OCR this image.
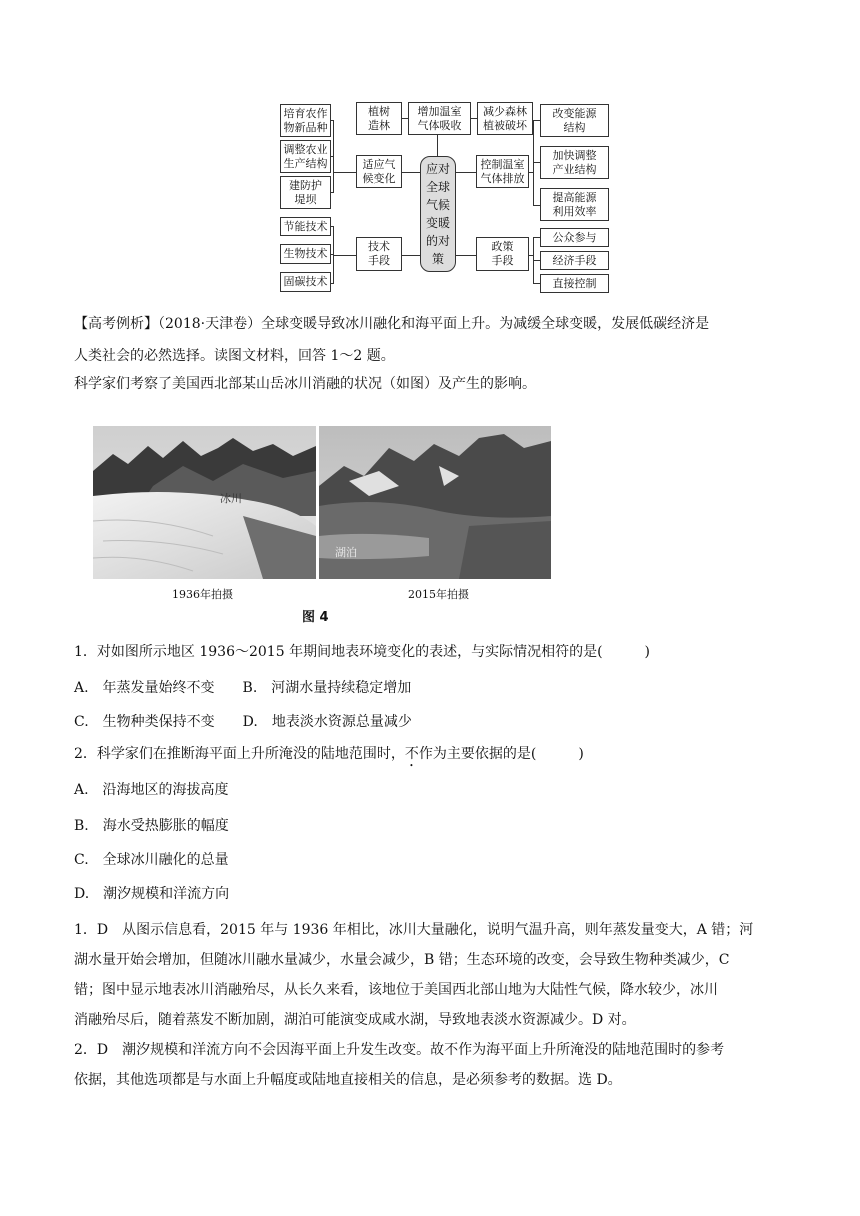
培育农作
物新品种
调整农业
生产结构
建防护
堤坝
节能技术
生物技术
固碳技术
植树
造林
适应气
候变化
技术
手段
增加温室
气体吸收
减少森林
植被破坏
应对
全球
气候
变暖
的对
策
控制温室
气体排放
政策
手段
改变能源
结构
加快调整
产业结构
提高能源
利用效率
公众参与
经济手段
直接控制
【高考例析】（2018·天津卷）全球变暖导致冰川融化和海平面上升。为减缓全球变暖，发展低碳经济是
人类社会的必然选择。读图文材料，回答 1～2 题。
科学家们考察了美国西北部某山岳冰川消融的状况（如图）及产生的影响。
冰川
湖泊
1936年拍摄	2015年拍摄
图 4
1．对如图所示地区 1936～2015 年期间地表环境变化的表述，与实际情况相符的是(　　　)
A.　年蒸发量始终不变　　B.　河湖水量持续稳定增加
C.　生物种类保持不变　　D.　地表淡水资源总量减少
2．科学家们在推断海平面上升所淹没的陆地范围时，不作为主要依据的是(　　　)
A.　沿海地区的海拔高度
B.　海水受热膨胀的幅度
C.　全球冰川融化的总量
D.　潮汐规模和洋流方向
1．D　从图示信息看，2015 年与 1936 年相比，冰川大量融化，说明气温升高，则年蒸发量变大，A 错；河
湖水量开始会增加，但随冰川融水量减少，水量会减少，B 错；生态环境的改变，会导致生物种类减少，C
错；图中显示地表冰川消融殆尽，从长久来看，该地位于美国西北部山地为大陆性气候，降水较少，冰川
消融殆尽后，随着蒸发不断加剧，湖泊可能演变成咸水湖，导致地表淡水资源减少。D 对。
2．D　潮汐规模和洋流方向不会因海平面上升发生改变。故不作为海平面上升所淹没的陆地范围时的参考
依据，其他选项都是与水面上升幅度或陆地直接相关的信息，是必须参考的数据。选 D。
